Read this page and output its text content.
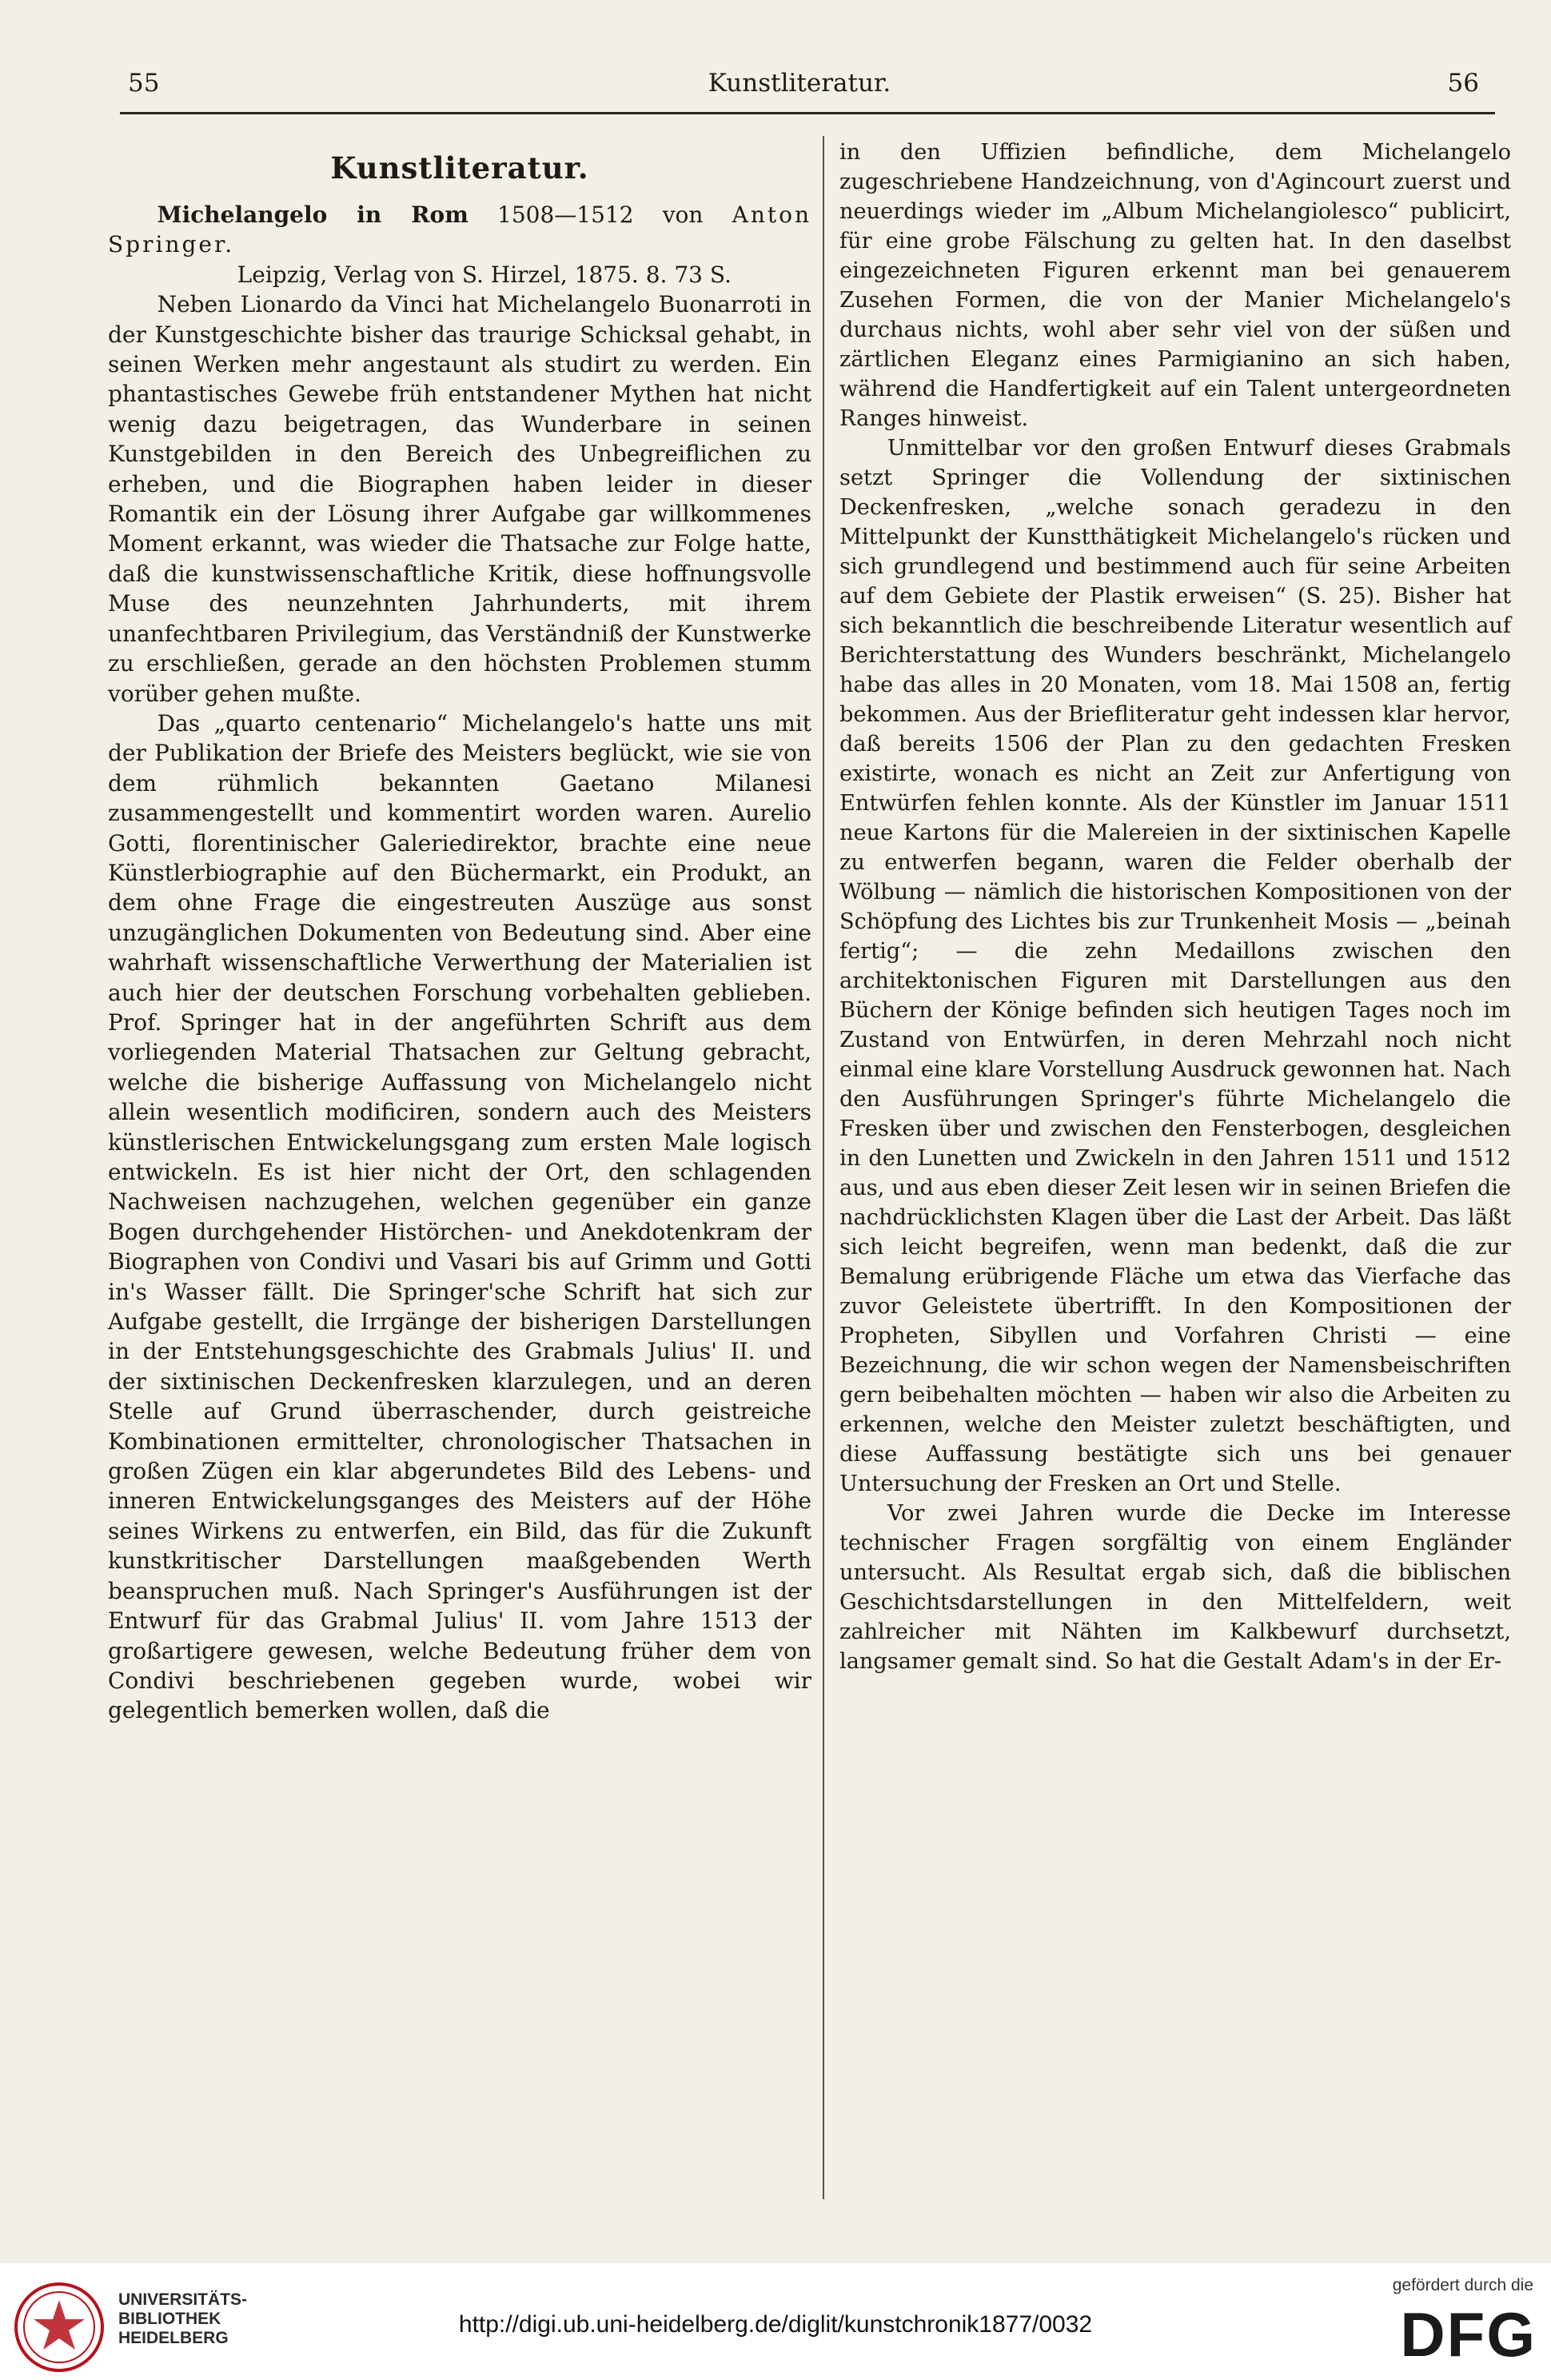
55	Kunstliteratur.	56
Kunstliteratur.

Michelangelo in Rom 1508—1512 von Anton Springer.

Leipzig, Verlag von S. Hirzel, 1875. 8. 73 S.

Neben Lionardo da Vinci hat Michelangelo Buonarroti in der Kunstgeschichte bisher das traurige Schicksal gehabt, in seinen Werken mehr angestaunt als studirt zu werden. Ein phantastisches Gewebe früh entstandener Mythen hat nicht wenig dazu beigetragen, das Wunderbare in seinen Kunstgebilden in den Bereich des Unbegreiflichen zu erheben, und die Biographen haben leider in dieser Romantik ein der Lösung ihrer Aufgabe gar willkommenes Moment erkannt, was wieder die Thatsache zur Folge hatte, daß die kunstwissenschaftliche Kritik, diese hoffnungsvolle Muse des neunzehnten Jahrhunderts, mit ihrem unanfechtbaren Privilegium, das Verständniß der Kunstwerke zu erschließen, gerade an den höchsten Problemen stumm vorüber gehen mußte.

Das „quarto centenario“ Michelangelo's hatte uns mit der Publikation der Briefe des Meisters beglückt, wie sie von dem rühmlich bekannten Gaetano Milanesi zusammengestellt und kommentirt worden waren. Aurelio Gotti, florentinischer Galeriedirektor, brachte eine neue Künstlerbiographie auf den Büchermarkt, ein Produkt, an dem ohne Frage die eingestreuten Auszüge aus sonst unzugänglichen Dokumenten von Bedeutung sind. Aber eine wahrhaft wissenschaftliche Verwerthung der Materialien ist auch hier der deutschen Forschung vorbehalten geblieben. Prof. Springer hat in der angeführten Schrift aus dem vorliegenden Material Thatsachen zur Geltung gebracht, welche die bisherige Auffassung von Michelangelo nicht allein wesentlich modificiren, sondern auch des Meisters künstlerischen Entwickelungsgang zum ersten Male logisch entwickeln. Es ist hier nicht der Ort, den schlagenden Nachweisen nachzugehen, welchen gegenüber ein ganze Bogen durchgehender Histörchen- und Anekdotenkram der Biographen von Condivi und Vasari bis auf Grimm und Gotti in's Wasser fällt. Die Springer'sche Schrift hat sich zur Aufgabe gestellt, die Irrgänge der bisherigen Darstellungen in der Entstehungsgeschichte des Grabmals Julius' II. und der sixtinischen Deckenfresken klarzulegen, und an deren Stelle auf Grund überraschender, durch geistreiche Kombinationen ermittelter, chronologischer Thatsachen in großen Zügen ein klar abgerundetes Bild des Lebens- und inneren Entwickelungsganges des Meisters auf der Höhe seines Wirkens zu entwerfen, ein Bild, das für die Zukunft kunstkritischer Darstellungen maaßgebenden Werth beanspruchen muß. Nach Springer's Ausführungen ist der Entwurf für das Grabmal Julius' II. vom Jahre 1513 der großartigere gewesen, welche Bedeutung früher dem von Condivi beschriebenen gegeben wurde, wobei wir gelegentlich bemerken wollen, daß die

in den Uffizien befindliche, dem Michelangelo zugeschriebene Handzeichnung, von d'Agincourt zuerst und neuerdings wieder im „Album Michelangiolesco“ publicirt, für eine grobe Fälschung zu gelten hat. In den daselbst eingezeichneten Figuren erkennt man bei genauerem Zusehen Formen, die von der Manier Michelangelo's durchaus nichts, wohl aber sehr viel von der süßen und zärtlichen Eleganz eines Parmigianino an sich haben, während die Handfertigkeit auf ein Talent untergeordneten Ranges hinweist.

Unmittelbar vor den großen Entwurf dieses Grabmals setzt Springer die Vollendung der sixtinischen Deckenfresken, „welche sonach geradezu in den Mittelpunkt der Kunstthätigkeit Michelangelo's rücken und sich grundlegend und bestimmend auch für seine Arbeiten auf dem Gebiete der Plastik erweisen“ (S. 25). Bisher hat sich bekanntlich die beschreibende Literatur wesentlich auf Berichterstattung des Wunders beschränkt, Michelangelo habe das alles in 20 Monaten, vom 18. Mai 1508 an, fertig bekommen. Aus der Briefliteratur geht indessen klar hervor, daß bereits 1506 der Plan zu den gedachten Fresken existirte, wonach es nicht an Zeit zur Anfertigung von Entwürfen fehlen konnte. Als der Künstler im Januar 1511 neue Kartons für die Malereien in der sixtinischen Kapelle zu entwerfen begann, waren die Felder oberhalb der Wölbung — nämlich die historischen Kompositionen von der Schöpfung des Lichtes bis zur Trunkenheit Mosis — „beinah fertig“; — die zehn Medaillons zwischen den architektonischen Figuren mit Darstellungen aus den Büchern der Könige befinden sich heutigen Tages noch im Zustand von Entwürfen, in deren Mehrzahl noch nicht einmal eine klare Vorstellung Ausdruck gewonnen hat. Nach den Ausführungen Springer's führte Michelangelo die Fresken über und zwischen den Fensterbogen, desgleichen in den Lunetten und Zwickeln in den Jahren 1511 und 1512 aus, und aus eben dieser Zeit lesen wir in seinen Briefen die nachdrücklichsten Klagen über die Last der Arbeit. Das läßt sich leicht begreifen, wenn man bedenkt, daß die zur Bemalung erübrigende Fläche um etwa das Vierfache das zuvor Geleistete übertrifft. In den Kompositionen der Propheten, Sibyllen und Vorfahren Christi — eine Bezeichnung, die wir schon wegen der Namensbeischriften gern beibehalten möchten — haben wir also die Arbeiten zu erkennen, welche den Meister zuletzt beschäftigten, und diese Auffassung bestätigte sich uns bei genauer Untersuchung der Fresken an Ort und Stelle.

Vor zwei Jahren wurde die Decke im Interesse technischer Fragen sorgfältig von einem Engländer untersucht. Als Resultat ergab sich, daß die biblischen Geschichtsdarstellungen in den Mittelfeldern, weit zahlreicher mit Nähten im Kalkbewurf durchsetzt, langsamer gemalt sind. So hat die Gestalt Adam's in der Er-

UNIVERSITÄTS-
BIBLIOTHEK
HEIDELBERG
http://digi.ub.uni-heidelberg.de/diglit/kunstchronik1877/0032
gefördert durch die
DFG
